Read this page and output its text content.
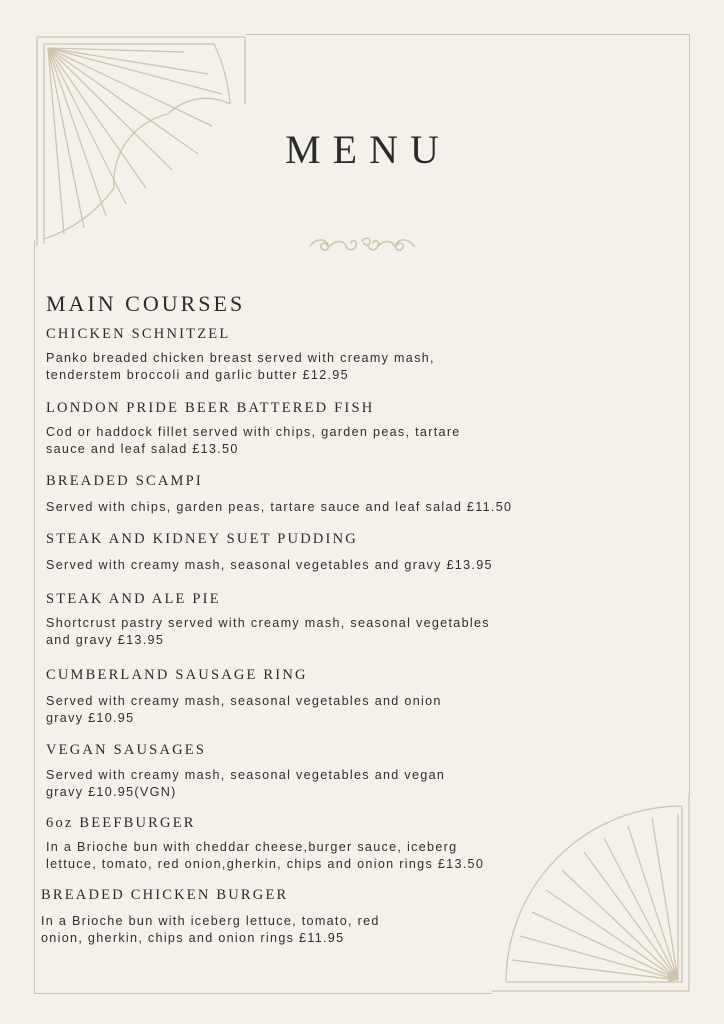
MENU
MAIN COURSES
CHICKEN SCHNITZEL
Panko breaded chicken breast served with creamy mash,
tenderstem broccoli and garlic butter £12.95
LONDON PRIDE BEER BATTERED FISH
Cod or haddock fillet served with chips, garden peas, tartare
sauce and leaf salad £13.50
BREADED SCAMPI
Served with chips, garden peas, tartare sauce and leaf salad £11.50
STEAK AND KIDNEY SUET PUDDING
Served with creamy mash, seasonal vegetables and gravy £13.95
STEAK AND ALE PIE
Shortcrust pastry served with creamy mash, seasonal vegetables
and gravy £13.95
CUMBERLAND SAUSAGE RING
Served with creamy mash, seasonal vegetables and onion
gravy £10.95
VEGAN SAUSAGES
Served with creamy mash, seasonal vegetables and vegan
gravy £10.95(VGN)
6oz BEEFBURGER
In a Brioche bun with cheddar cheese,burger sauce, iceberg
lettuce, tomato, red onion,gherkin, chips and onion rings £13.50
BREADED CHICKEN BURGER
In a Brioche bun with iceberg lettuce, tomato, red
onion, gherkin, chips and onion rings £11.95
